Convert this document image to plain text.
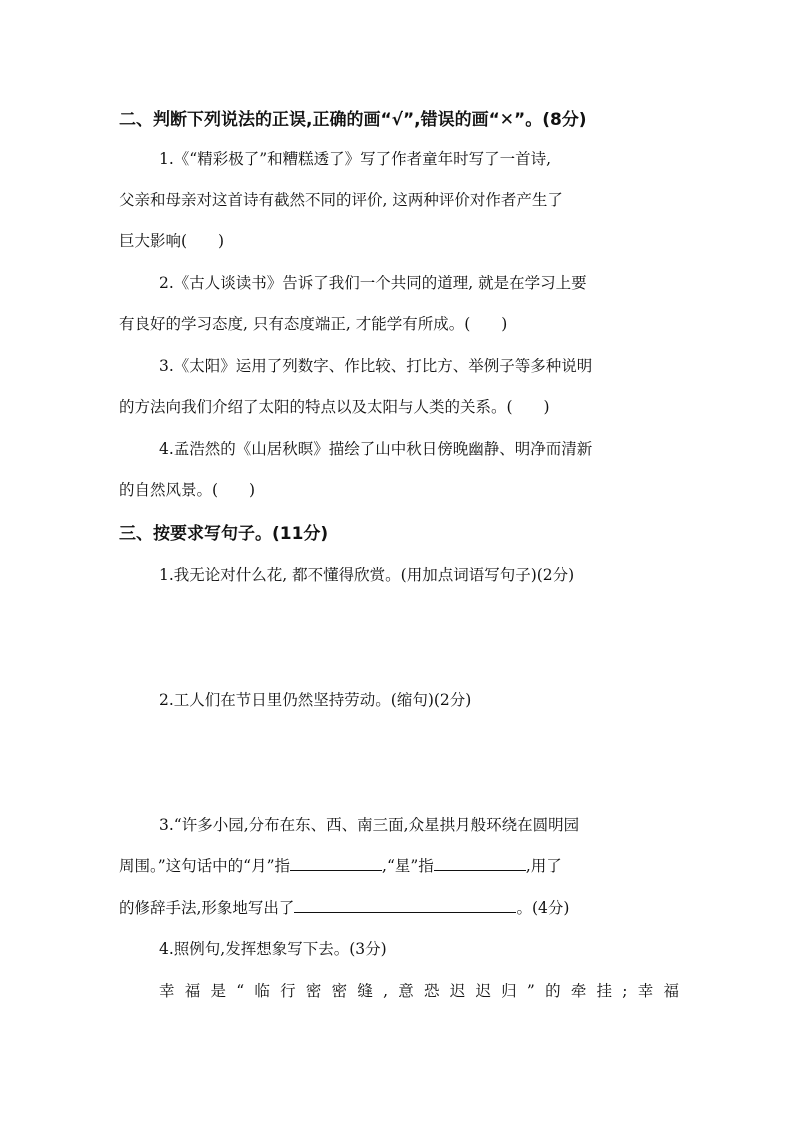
二、判断下列说法的正误,正确的画“√”,错误的画“✕”。(8分)
1.《“精彩极了”和糟糕透了》写了作者童年时写了一首诗,
父亲和母亲对这首诗有截然不同的评价, 这两种评价对作者产生了
巨大影响(　　)
2.《古人谈读书》告诉了我们一个共同的道理, 就是在学习上要
有良好的学习态度, 只有态度端正, 才能学有所成。(　　)
3.《太阳》运用了列数字、作比较、打比方、举例子等多种说明
的方法向我们介绍了太阳的特点以及太阳与人类的关系。(　　)
4.孟浩然的《山居秋暝》描绘了山中秋日傍晚幽静、明净而清新
的自然风景。(　　)
三、按要求写句子。(11分)
1.我无论对什么花, 都不懂得欣赏。(用加点词语写句子)(2分)
2.工人们在节日里仍然坚持劳动。(缩句)(2分)
3.“许多小园,分布在东、西、南三面,众星拱月般环绕在圆明园
周围。”这句话中的“月”指	,“星”指	,用了
的修辞手法,形象地写出了	。(4分)
4.照例句,发挥想象写下去。(3分)
幸福是“临行密密缝,意恐迟迟归”的牵挂;幸福
